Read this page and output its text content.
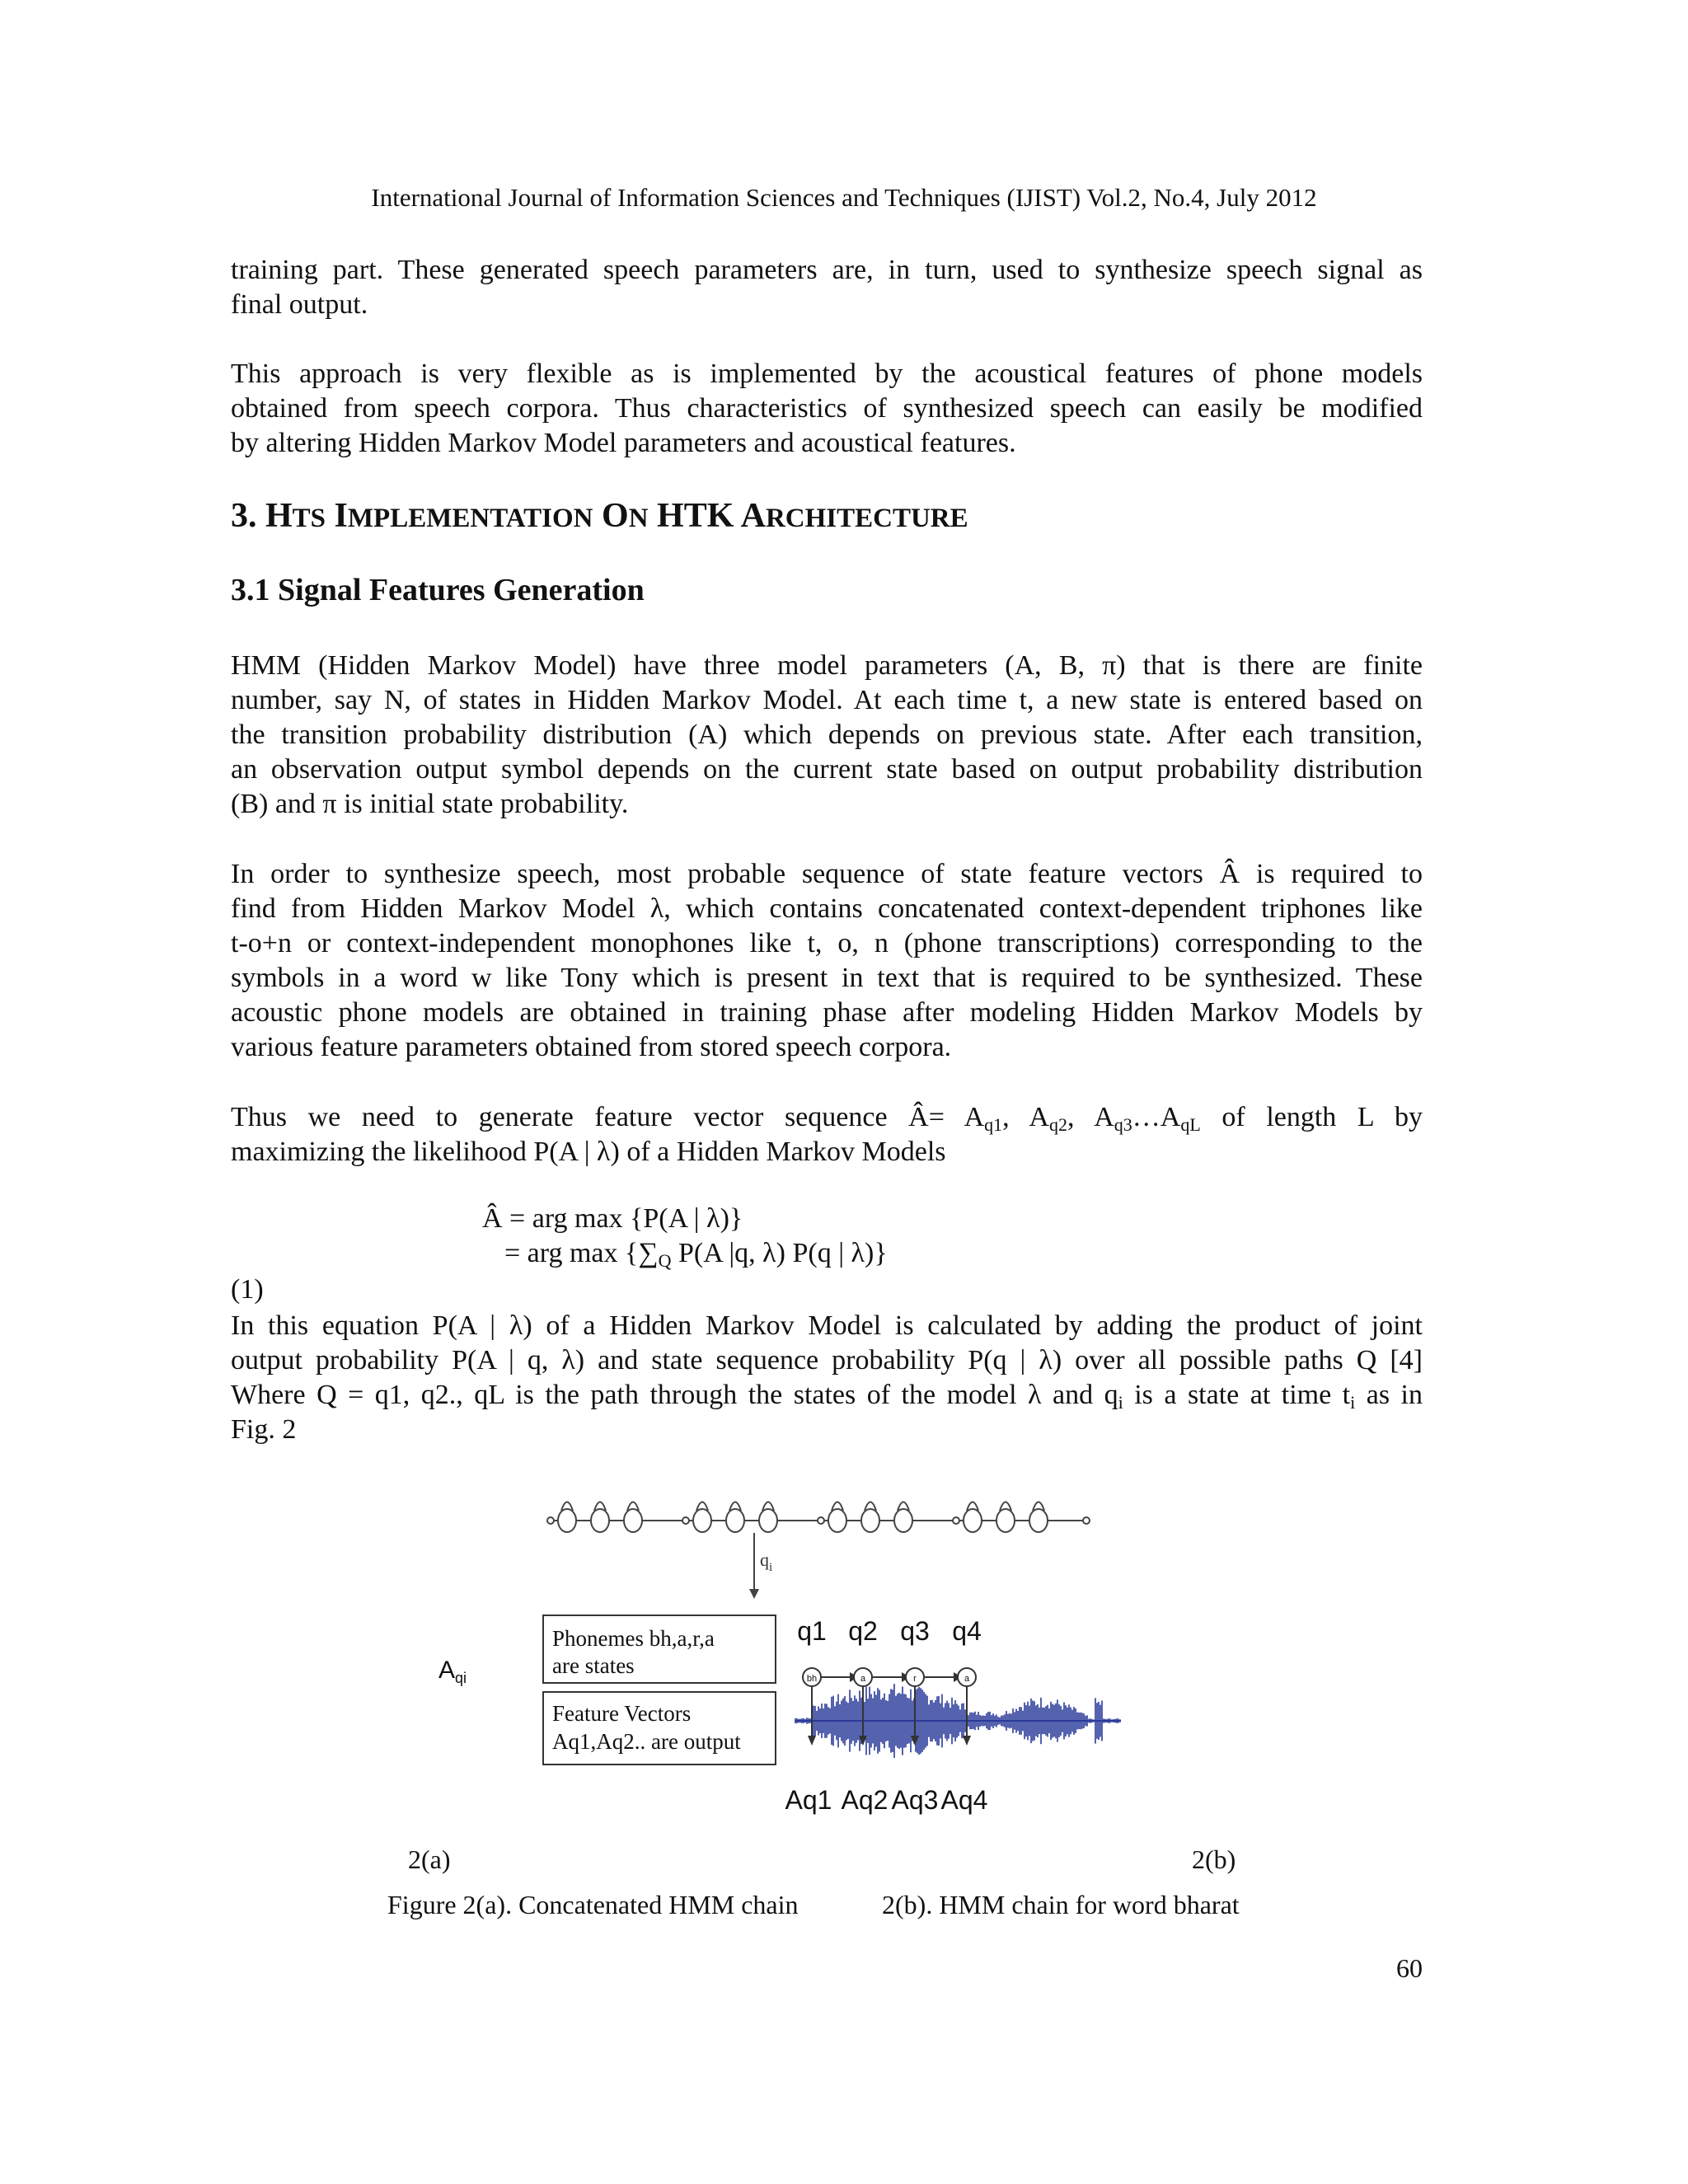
International Journal of Information Sciences and Techniques (IJIST) Vol.2, No.4, July 2012
training part. These generated speech parameters are, in turn, used to synthesize speech signal as
final output.
This approach is very flexible as is implemented by the acoustical features of phone models
obtained from speech corpora. Thus characteristics of synthesized speech can easily be modified
by altering Hidden Markov Model parameters and acoustical features.
3. HTS IMPLEMENTATION ON HTK ARCHITECTURE
3.1 Signal Features Generation
HMM (Hidden Markov Model) have three model parameters (A, B, π) that is there are finite
number, say N, of states in Hidden Markov Model. At each time t, a new state is entered based on
the transition probability distribution (A) which depends on previous state. After each transition,
an observation output symbol depends on the current state based on output probability distribution
(B) and π is initial state probability.
In order to synthesize speech, most probable sequence of state feature vectors Â is required to
find from Hidden Markov Model λ, which contains concatenated context-dependent triphones like
t-o+n or context-independent monophones like t, o, n (phone transcriptions) corresponding to the
symbols in a word w like Tony which is present in text that is required to be synthesized. These
acoustic phone models are obtained in training phase after modeling Hidden Markov Models by
various feature parameters obtained from stored speech corpora.
Thus we need to generate feature vector sequence Â= $A_{q1}$, $A_{q2}$, $A_{q3}\dots A_{qL}$ of length L by
maximizing the likelihood P(A | λ) of a Hidden Markov Models
Â = arg max {P(A | λ)}
= arg $\max \{\sum_Q$ P(A |q, λ) P(q | λ)}
(1)
In this equation P(A | λ) of a Hidden Markov Model is calculated by adding the product of joint
output probability P(A | q, λ) and state sequence probability P(q | λ) over all possible paths Q [4]
Where Q = q1, q2., qL is the path through the states of the model λ and $q_i$ is a state at time $t_i$ as in
Fig. 2
$A_{qi}$
$q_i$
Phonemes bh,a,r,a
are states
Feature Vectors
Aq1,Aq2.. are output
q1 q2 q3 q4
bh	a	r	a
Aq1 Aq2 Aq3 Aq4
2(a)	2(b)
Figure 2(a). Concatenated HMM chain	2(b). HMM chain for word bharat
60
